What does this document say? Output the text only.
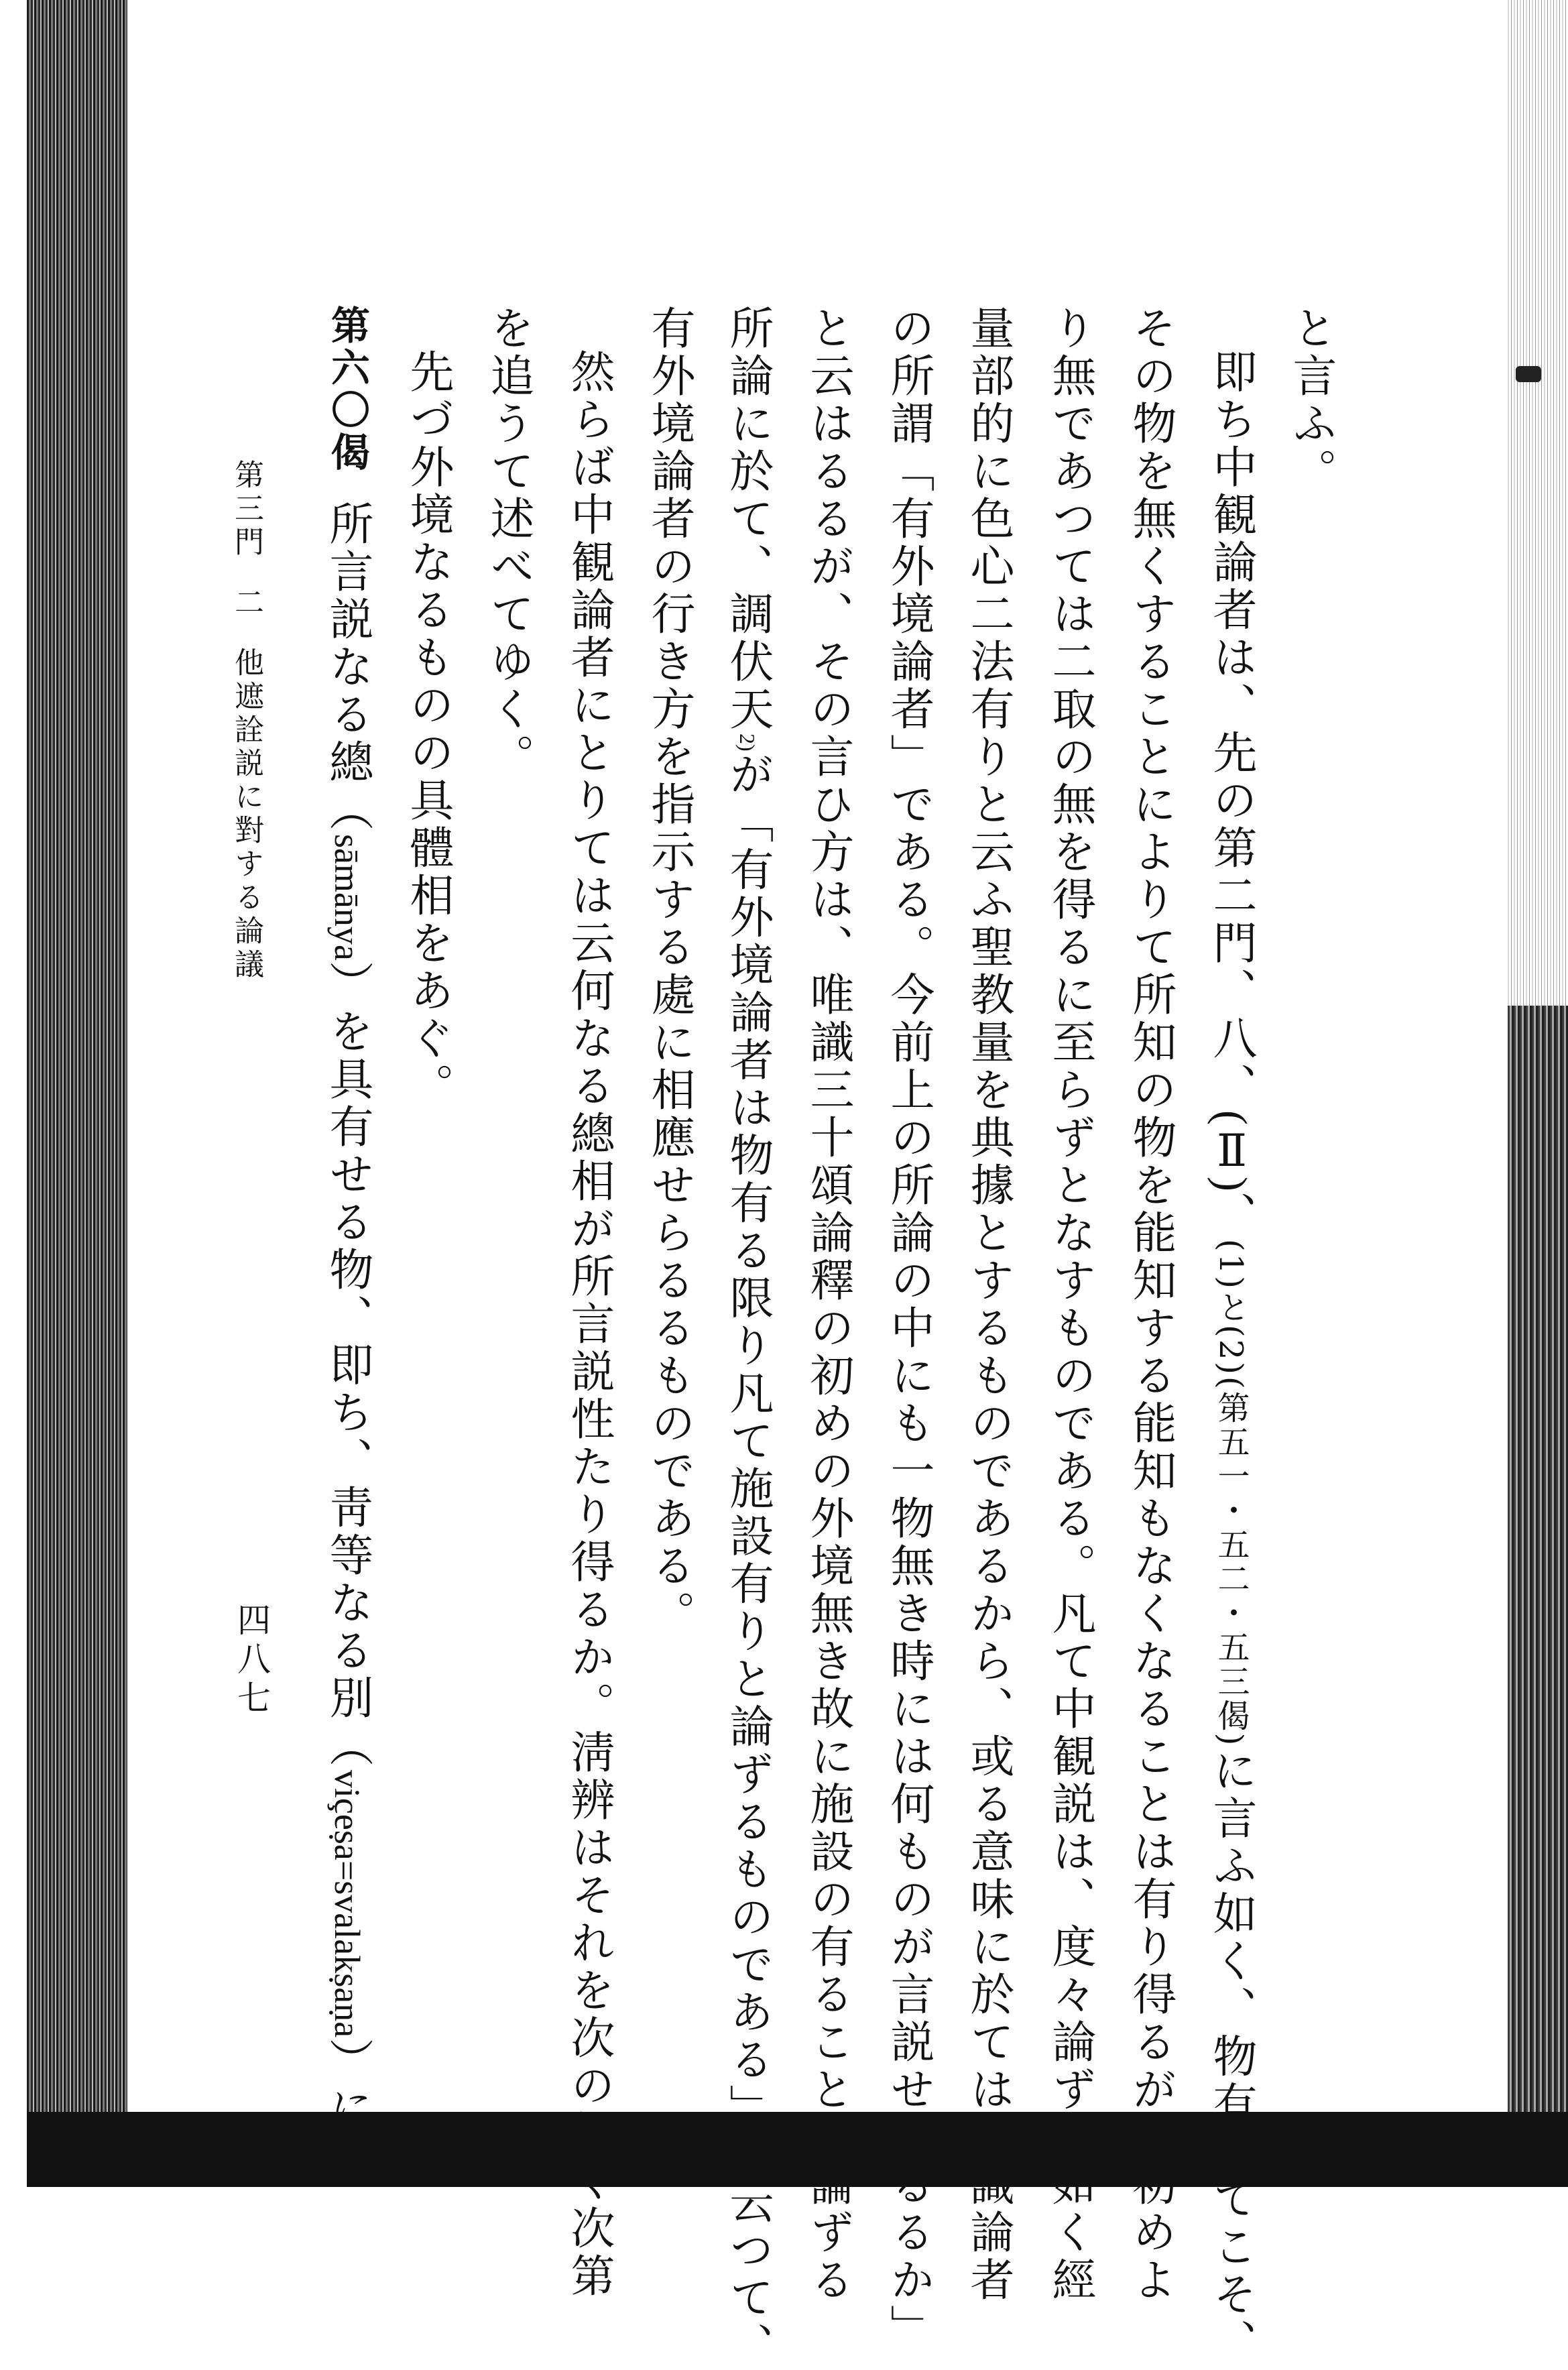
と言ふ。
即ち中観論者は、先の第二門、八、(Ⅱ)、(1)と(2)(第五一・五二・五三偈)に言ふ如く、物有つてこそ、
その物を無くすることによりて所知の物を能知する能知もなくなることは有り得るが、初めよ
り無であつては二取の無を得るに至らずとなすものである。凡て中観説は、度々論ずる如く經
量部的に色心二法有りと云ふ聖教量を典據とするものであるから、或る意味に於ては唯識論者
の所謂「有外境論者」である。今前上の所論の中にも一物無き時には何ものが言説せらるるか」
と云はるるが、その言ひ方は、唯識三十頌論釋の初めの外境無き故に施設の有ることを論ずる
所論に於て、調伏天2)が「有外境論者は物有る限り凡て施設有りと論ずるものである」と云つて、
有外境論者の行き方を指示する處に相應せらるるものである。
然らば中観論者にとりては云何なる總相が所言説性たり得るか。淸辨はそれを次の如く次第
を追うて述べてゆく。
先づ外境なるものの具體相をあぐ。
第六〇偈所言説なる總（sāmānya）を具有せる物、即ち、靑等なる別（viçeṣa=svalakṣaṇa）に待
第三門二他遮詮説に對する論議
四八七
